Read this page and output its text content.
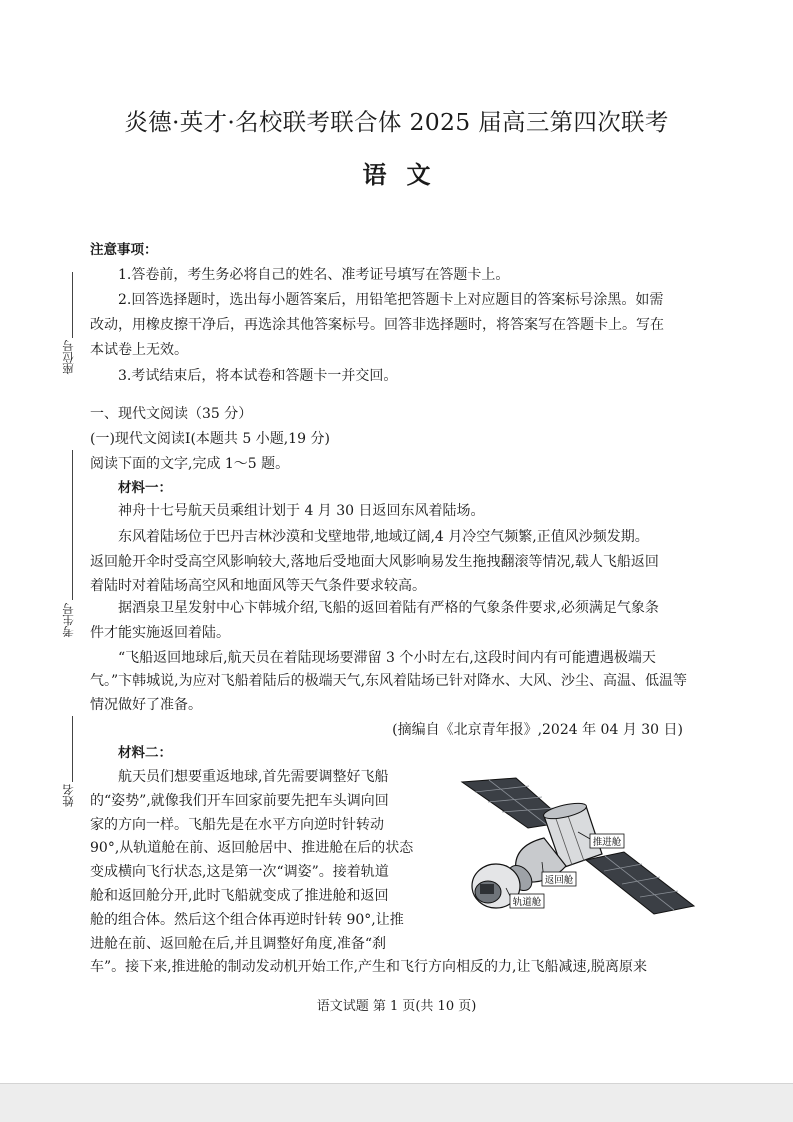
炎德·英才·名校联考联合体 2025 届高三第四次联考
语文
座位号
考生号
姓名
注意事项：
1.答卷前，考生务必将自己的姓名、准考证号填写在答题卡上。
2.回答选择题时，选出每小题答案后，用铅笔把答题卡上对应题目的答案标号涂黑。如需
改动，用橡皮擦干净后，再选涂其他答案标号。回答非选择题时，将答案写在答题卡上。写在
本试卷上无效。
3.考试结束后，将本试卷和答题卡一并交回。
一、现代文阅读（35 分）
(一)现代文阅读Ⅰ(本题共 5 小题,19 分)
阅读下面的文字,完成 1～5 题。
材料一：
神舟十七号航天员乘组计划于 4 月 30 日返回东风着陆场。
东风着陆场位于巴丹吉林沙漠和戈壁地带,地域辽阔,4 月冷空气频繁,正值风沙频发期。
返回舱开伞时受高空风影响较大,落地后受地面大风影响易发生拖拽翻滚等情况,载人飞船返回
着陆时对着陆场高空风和地面风等天气条件要求较高。
据酒泉卫星发射中心卞韩城介绍,飞船的返回着陆有严格的气象条件要求,必须满足气象条
件才能实施返回着陆。
“飞船返回地球后,航天员在着陆现场要滞留 3 个小时左右,这段时间内有可能遭遇极端天
气。”卞韩城说,为应对飞船着陆后的极端天气,东风着陆场已针对降水、大风、沙尘、高温、低温等
情况做好了准备。
(摘编自《北京青年报》,2024 年 04 月 30 日)
材料二：
航天员们想要重返地球,首先需要调整好飞船
的“姿势”,就像我们开车回家前要先把车头调向回
家的方向一样。飞船先是在水平方向逆时针转动
90°,从轨道舱在前、返回舱居中、推进舱在后的状态
变成横向飞行状态,这是第一次“调姿”。接着轨道
舱和返回舱分开,此时飞船就变成了推进舱和返回
舱的组合体。然后这个组合体再逆时针转 90°,让推
进舱在前、返回舱在后,并且调整好角度,准备“刹
车”。接下来,推进舱的制动发动机开始工作,产生和飞行方向相反的力,让飞船减速,脱离原来
推进舱
返回舱
轨道舱
语文试题 第 1 页(共 10 页)
